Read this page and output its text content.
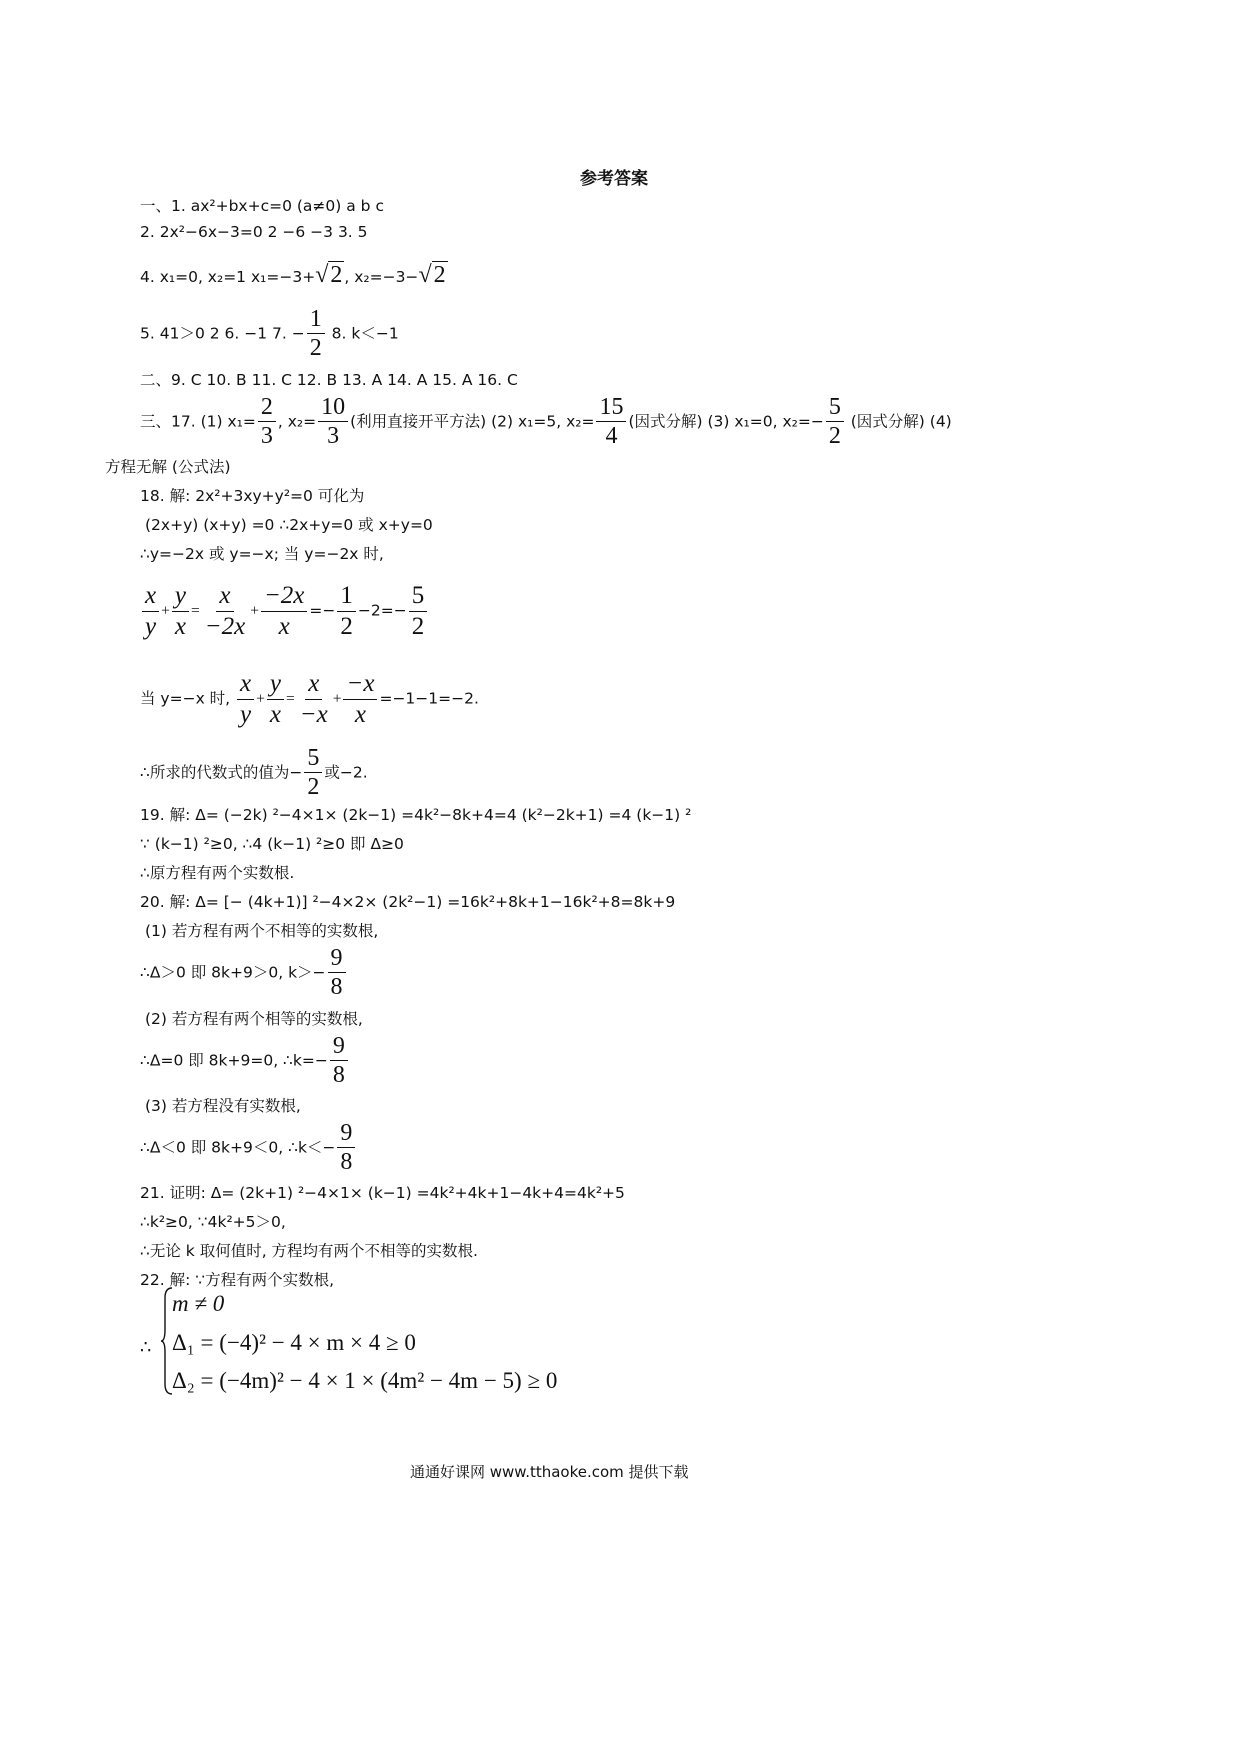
参考答案
一、1. ax²+bx+c=0 (a≠0) a b c
2. 2x²−6x−3=0 2 −6 −3 3. 5
4. x₁=0, x₂=1 x₁=−3+√2 , x₂=−3−√2
5. 41＞0 2 6. −1 7. − $\frac{1}{2} 8$. k＜−1
二、9. C 10. B 11. C 12. B 13. A 14. A 15. A 16. C
三、17. (1) $x_1= \frac{2}{3}$ , $x_2= \frac{10}{3}$ (利用直接开平方法) (2) x₁=5, $x_2= \frac{15}{4}$ (因式分解) (3) x₁=0, $x_2=- \frac{5}{2}$ (因式分解) (4)
方程无解 (公式法)
18. 解: 2x²+3xy+y²=0 可化为
(2x+y) (x+y) =0 ∴2x+y=0 或 x+y=0
∴y=−2x 或 y=−x; 当 y=−2x 时,
$\frac{x}{y} + \frac{y}{x} = \frac{x}{-2x} + \frac{-2x}{x} =- \frac{1}{2} -2=- \frac{5}{2}$
当 y=−x 时, $\frac{x}{y} + \frac{y}{x} = \frac{x}{-x} + \frac{-x}{x} =-1-1=-2$.
∴所求的代数式的值为− $\frac{5}{2}$ 或−2.
19. 解: Δ= (−2k) ²−4×1× (2k−1) =4k²−8k+4=4 (k²−2k+1) =4 (k−1) ²
∵ (k−1) ²≥0, ∴4 (k−1) ²≥0 即 Δ≥0
∴原方程有两个实数根.
20. 解: Δ= [− (4k+1)] ²−4×2× (2k²−1) =16k²+8k+1−16k²+8=8k+9
(1) 若方程有两个不相等的实数根,
∴Δ＞0 即 8k+9＞0, $k>- \frac{9}{8}$
(2) 若方程有两个相等的实数根,
∴Δ=0 即 8k+9=0, ∴k=− $\frac{9}{8}$
(3) 若方程没有实数根,
∴Δ＜0 即 8k+9＜0, ∴k＜− $\frac{9}{8}$
21. 证明: Δ= (2k+1) ²−4×1× (k−1) =4k²+4k+1−4k+4=4k²+5
∴k²≥0, ∵4k²+5＞0,
∴无论 k 取何值时, 方程均有两个不相等的实数根.
22. 解: ∵方程有两个实数根,
∴
m ≠ 0
Δ₁ = (−4)² − 4 × m × 4 ≥ 0
Δ₂ = (−4m)² − 4 × 1 × (4m² − 4m − 5) ≥ 0
通通好课网 www.tthaoke.com 提供下载
